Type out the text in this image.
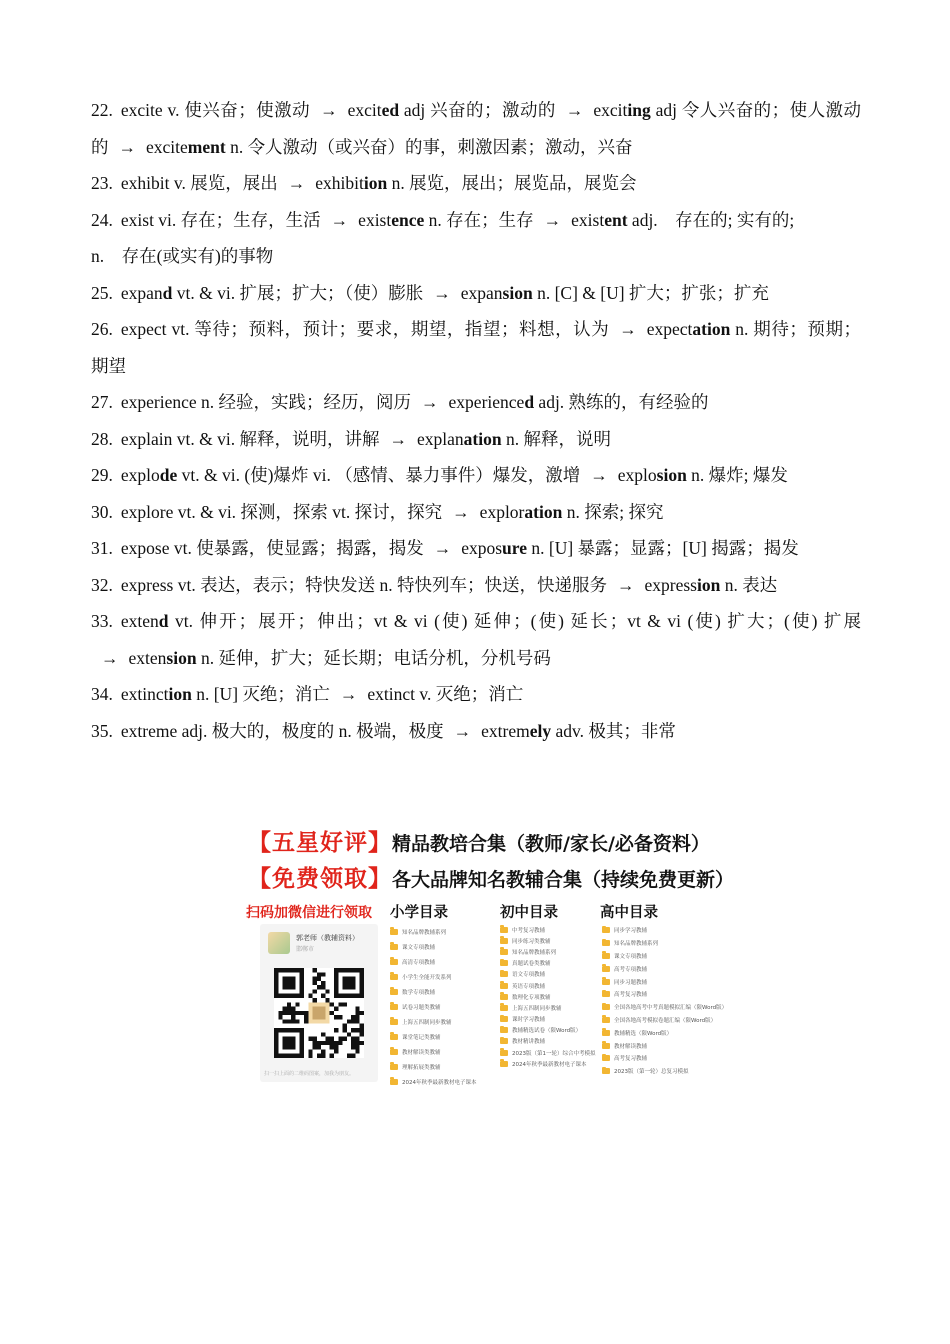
22. excite v. 使兴奋；使激动 → excited adj 兴奋的；激动的 → exciting adj 令人兴奋的；使人激动的 → excitement n. 令人激动（或兴奋）的事，刺激因素；激动，兴奋

23. exhibit v. 展览，展出 → exhibition n. 展览，展出；展览品，展览会

24. exist vi. 存在；生存，生活 → existence n. 存在；生存 → existent adj.　存在的; 实有的;

n.　存在(或实有)的事物

25. expand vt. & vi. 扩展；扩大；（使）膨胀 → expansion n. [C] & [U] 扩大；扩张；扩充

26. expect vt. 等待；预料，预计；要求，期望，指望；料想，认为 → expectation n. 期待；预期；期望

27. experience n. 经验，实践；经历，阅历 → experienced adj. 熟练的，有经验的

28. explain vt. & vi. 解释，说明，讲解 → explanation n. 解释，说明

29. explode vt. & vi. (使)爆炸 vi. （感情、暴力事件）爆发，激增 → explosion n. 爆炸; 爆发

30. explore vt. & vi. 探测，探索 vt. 探讨，探究 → exploration n. 探索; 探究

31. expose vt. 使暴露，使显露；揭露，揭发 → exposure n. [U] 暴露；显露；[U] 揭露；揭发

32. express vt. 表达，表示；特快发送 n. 特快列车；快送，快递服务 → expression n. 表达

33. extend vt. 伸开；展开；伸出；vt & vi (使) 延伸；(使) 延长；vt & vi (使) 扩大；(使) 扩展→ extension n. 延伸，扩大；延长期；电话分机，分机号码

34. extinction n. [U] 灭绝；消亡 → extinct v. 灭绝；消亡

35. extreme adj. 极大的，极度的 n. 极端，极度 → extremely adv. 极其；非常

【五星好评】精品教培合集（教师/家长/必备资料）
【免费领取】各大品牌知名教辅合集（持续免费更新）
扫码加微信进行领取 小学目录	初中目录	高中目录
郭老师（教辅资料）
邯郸市
扫一扫上面的二维码图案，加我为朋友。
知名品牌教辅系列
课文专项教辅
高清专项教辅
小学生全能开发系列
数学专项教辅
试卷习题类教辅
上海五四制同步教辅
课堂笔记类教辅
教材解读类教辅
理解拓展类教辅
2024年秋季最新教材电子课本
中考复习教辅
同步练习类教辅
知名品牌教辅系列
真题试卷类教辅
语文专项教辅
英语专项教辅
数理化专项教辅
上海五四制同步教辅
课时学习教辅
教辅精选试卷（限Word版）
教材精讲教辅
2023版（第1一轮）综合中考模拟
2024年秋季最新教材电子课本
同步学习教辅
知名品牌教辅系列
课文专项教辅
高考专项教辅
同步习题教辅
高考复习教辅
全国各地高考中考真题模拟汇编（限Word版）
全国各地高考模拟卷题汇编（限Word版）
教辅精选（限Word版）
教材解读教辅
高考复习教辅
2023版（第一轮）总复习模拟
